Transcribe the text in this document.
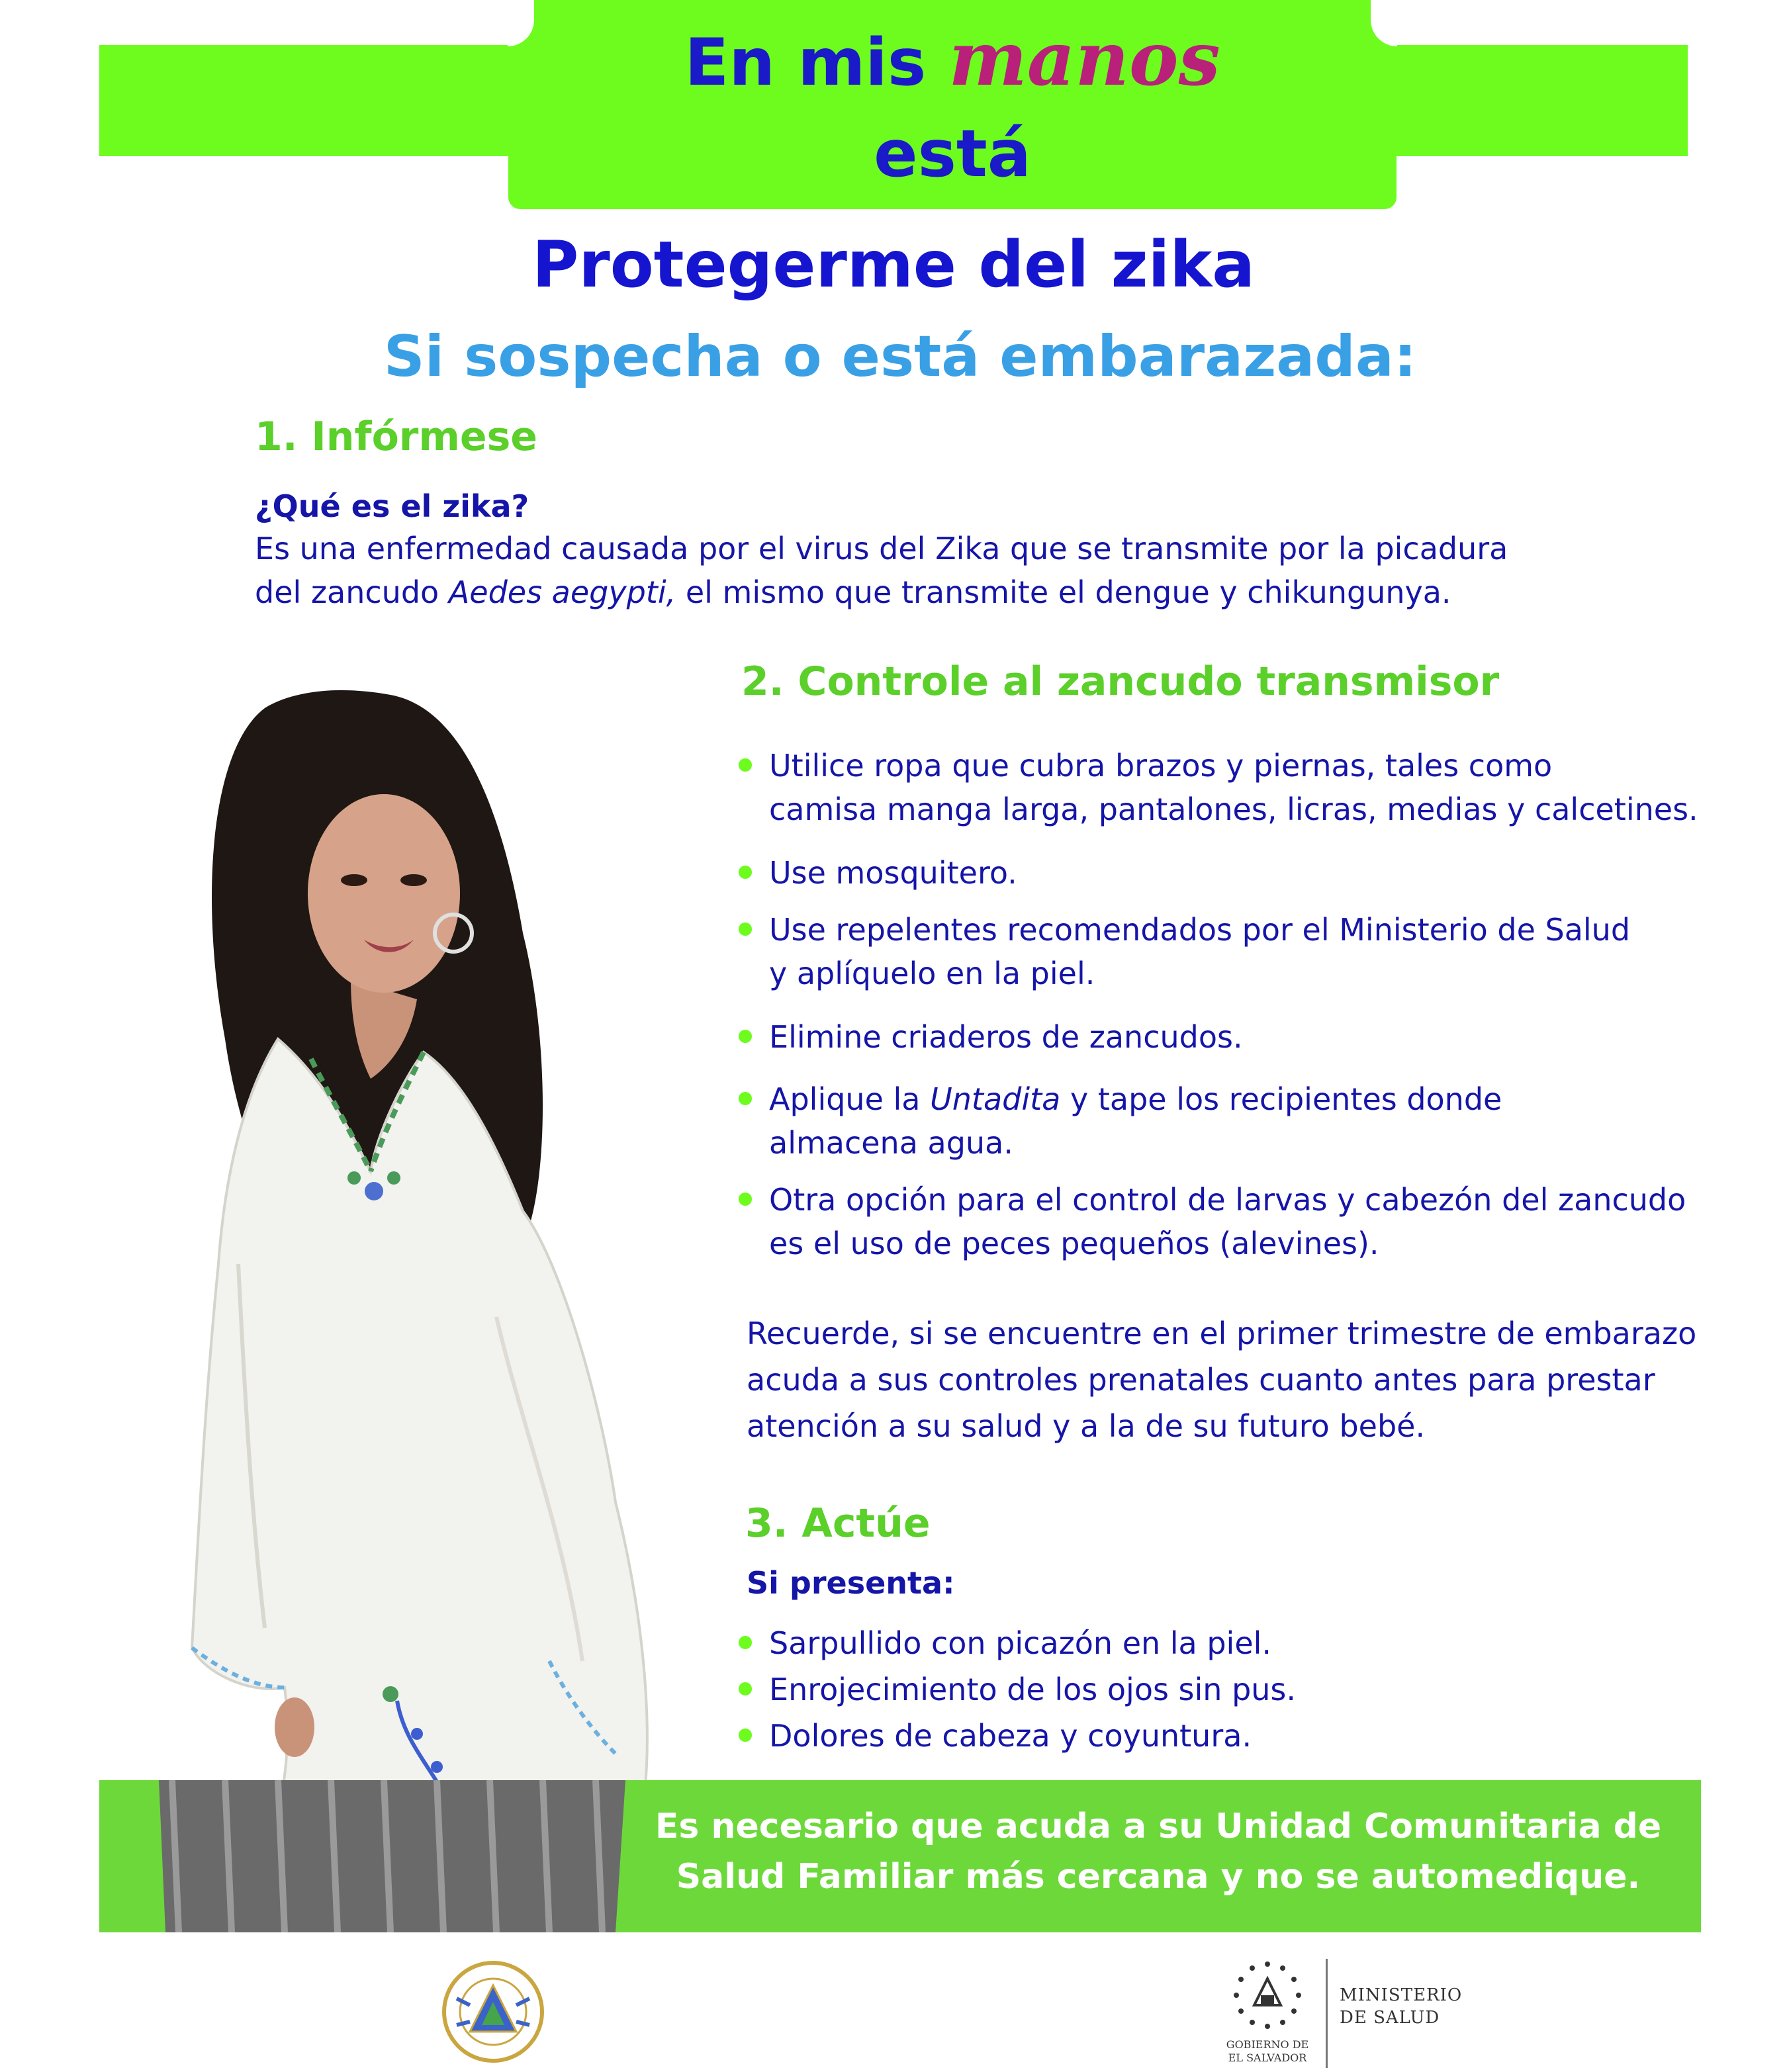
En mis manos
está
Protegerme del zika
Si sospecha o está embarazada:
1. Infórmese
¿Qué es el zika?
Es una enfermedad causada por el virus del Zika que se transmite por la picadura
del zancudo Aedes aegypti, el mismo que transmite el dengue y chikungunya.
2. Controle al zancudo transmisor
Utilice ropa que cubra brazos y piernas, tales como
camisa manga larga, pantalones, licras, medias y calcetines.
Use mosquitero.
Use repelentes recomendados por el Ministerio de Salud
y aplíquelo en la piel.
Elimine criaderos de zancudos.
Aplique la Untadita y tape los recipientes donde
almacena agua.
Otra opción para el control de larvas y cabezón del zancudo
es el uso de peces pequeños (alevines).
Recuerde, si se encuentre en el primer trimestre de embarazo
acuda a sus controles prenatales cuanto antes para prestar
atención a su salud y a la de su futuro bebé.
3. Actúe
Si presenta:
Sarpullido con picazón en la piel.
Enrojecimiento de los ojos sin pus.
Dolores de cabeza y coyuntura.
Es necesario que acuda a su Unidad Comunitaria de
Salud Familiar más cercana y no se automedique.
GOBIERNO DE
EL SALVADOR
MINISTERIO
DE SALUD
